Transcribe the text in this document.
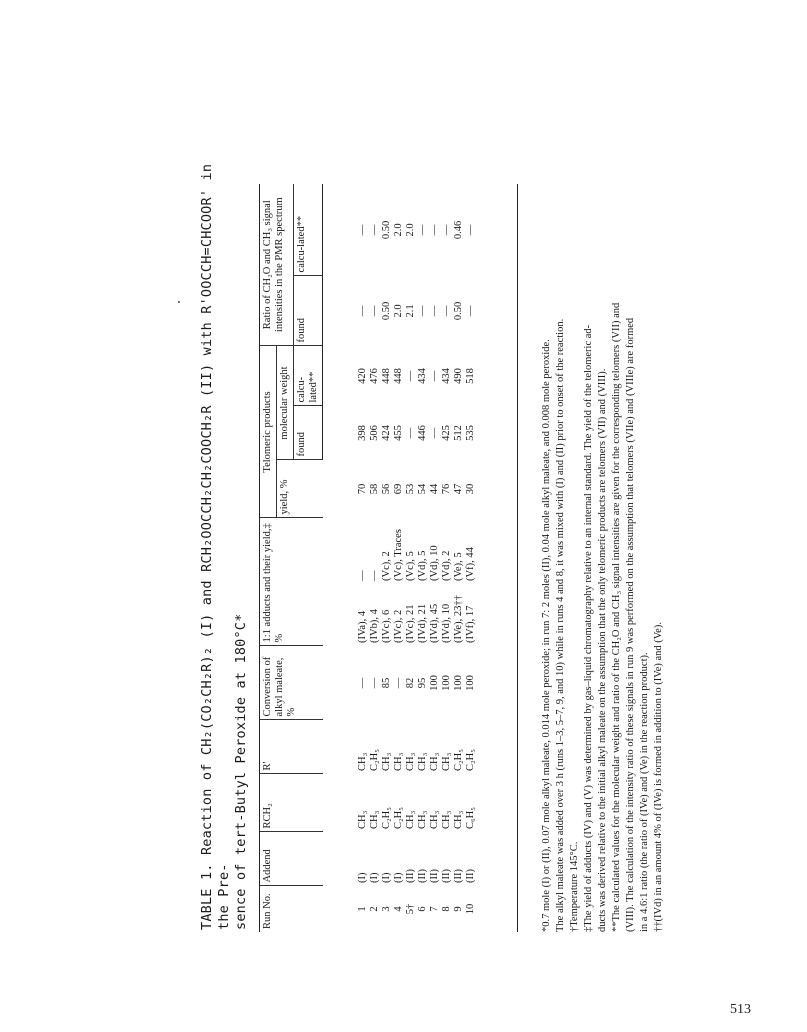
TABLE 1. Reaction of CH₂(CO₂CH₂R)₂ (I) and RCH₂OOCCH₂CH₂COOCH₂R (II) with R'OOCCH=CHCOOR' in the Pre- sence of tert-Butyl Peroxide at 180°C* Run No.	Addend	RCH₂	R'	Conversion of alkyl maleate, %	1:1 adducts and their yield,‡ %	Telomeric products			Ratio of CH₂O and CH₃ signal intensities in the PMR spectrum	
						yield, %	molecular weight			
							found	calcu-lated**	found	calcu-lated**
1	(I)	CH₃	CH₃	—	(IVa), 4—	70	398	420	—	—
2	(I)	CH₃	C₂H₅	—	(IVb), 4—	58	506	476	—	—
3	(I)	C₂H₅	CH₃	85	(IVc), 6(Vc), 2	56	424	448	0.50	0.50
4	(I)	C₂H₅	CH₃	—	(IVc), 2(Vc), Traces	69	455	448	2.0	2.0
5†	(II)	CH₃	CH₃	82	(IVc), 21(Vc), 5	53	—	—	2.1	2.0
6	(II)	CH₃	CH₃	95	(IVd), 21(Vd), 5	54	446	434	—	—
7	(II)	CH₃	CH₃	100	(IVd), 45(Vd), 10	44	—	—	—	—
8	(II)	CH₃	CH₃	100	(IVd), 10(Vd), 2	76	425	434	—	—
9	(II)	CH₃	C₂H₅	100	(IVe), 23††(Ve), 5	47	512	490	0.50	0.46
10	(II)	C₆H₅	C₂H₅	100	(IVf), 17(Vf), 44	30	535	518	—	—

*0.7 mole (I) or (II), 0.07 mole alkyl maleate, 0.014 mole peroxide; in run 7: 2 moles (II), 0.04 mole alkyl maleate, and 0.008 mole peroxide. The alkyl maleate was added over 3 h (runs 1–3, 5–7, 9, and 10) while in runs 4 and 8, it was mixed with (I) and (II) prior to onset of the reaction. †Temperature 145°C. ‡The yield of adducts (IV) and (V) was determined by gas–liquid chromatography relative to an internal standard. The yield of the telomeric ad- ducts was derived relative to the initial alkyl maleate on the assumption that the only telomeric products are telomers (VII) and (VIII). **The calculated values for the molecular weight and ratio of the CH₂O and CH₃ signal intensities are given for the corresponding telomers (VII) and (VIII). The calculation of the intensity ratio of these signals in run 9 was performed on the assumption that telomers (VIIe) and (VIIIe) are formed in a 4.6:1 ratio (the ratio of (IVe) and (Ve) in the reaction product). ††(IVd) in an amount 4% of (IVe) is formed in addition to (IVe) and (Ve).

513
